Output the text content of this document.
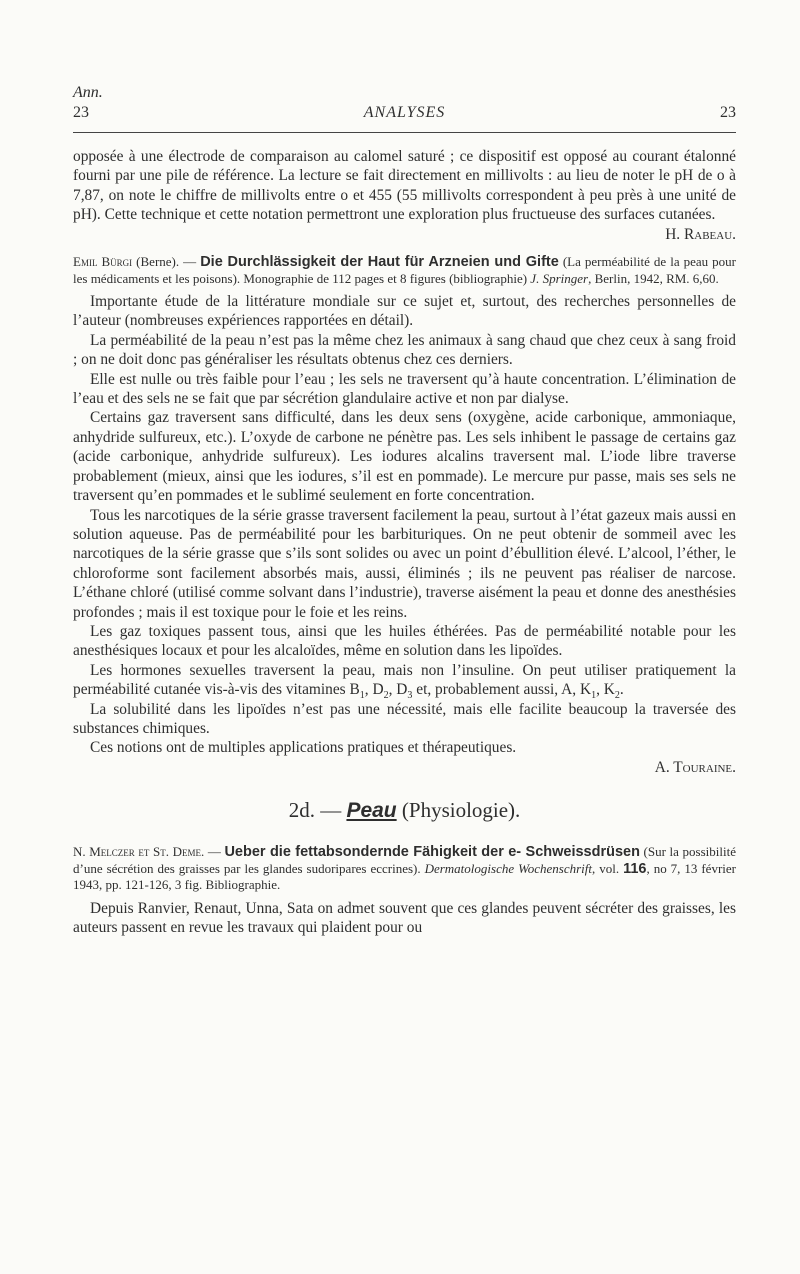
Ann.
23	ANALYSES	23

opposée à une électrode de comparaison au calomel saturé ; ce dispositif est opposé au courant étalonné fourni par une pile de référence. La lecture se fait directement en millivolts : au lieu de noter le pH de o à 7,87, on note le chiffre de millivolts entre o et 455 (55 millivolts correspondent à peu près à une unité de pH). Cette technique et cette notation permettront une exploration plus fructueuse des surfaces cutanées.

H. Rabeau.

Emil Bürgi (Berne). — Die Durchlässigkeit der Haut für Arzneien und Gifte (La perméabilité de la peau pour les médicaments et les poisons). Monographie de 112 pages et 8 figures (bibliographie) J. Springer, Berlin, 1942, RM. 6,60.

Importante étude de la littérature mondiale sur ce sujet et, surtout, des recherches personnelles de l’auteur (nombreuses expériences rapportées en détail).

La perméabilité de la peau n’est pas la même chez les animaux à sang chaud que chez ceux à sang froid ; on ne doit donc pas généraliser les résultats obtenus chez ces derniers.

Elle est nulle ou très faible pour l’eau ; les sels ne traversent qu’à haute concentration. L’élimination de l’eau et des sels ne se fait que par sécrétion glandulaire active et non par dialyse.

Certains gaz traversent sans difficulté, dans les deux sens (oxygène, acide carbonique, ammoniaque, anhydride sulfureux, etc.). L’oxyde de carbone ne pénètre pas. Les sels inhibent le passage de certains gaz (acide carbonique, anhydride sulfureux). Les iodures alcalins traversent mal. L’iode libre traverse probablement (mieux, ainsi que les iodures, s’il est en pommade). Le mercure pur passe, mais ses sels ne traversent qu’en pommades et le sublimé seulement en forte concentration.

Tous les narcotiques de la série grasse traversent facilement la peau, surtout à l’état gazeux mais aussi en solution aqueuse. Pas de perméabilité pour les barbituriques. On ne peut obtenir de sommeil avec les narcotiques de la série grasse que s’ils sont solides ou avec un point d’ébullition élevé. L’alcool, l’éther, le chloroforme sont facilement absorbés mais, aussi, éliminés ; ils ne peuvent pas réaliser de narcose. L’éthane chloré (utilisé comme solvant dans l’industrie), traverse aisément la peau et donne des anesthésies profondes ; mais il est toxique pour le foie et les reins.

Les gaz toxiques passent tous, ainsi que les huiles éthérées. Pas de perméabilité notable pour les anesthésiques locaux et pour les alcaloïdes, même en solution dans les lipoïdes.

Les hormones sexuelles traversent la peau, mais non l’insuline. On peut utiliser pratiquement la perméabilité cutanée vis-à-vis des vitamines $B_1$, $D_2$, $D_3$ et, probablement aussi, A, $K_1$, $K_2$.

La solubilité dans les lipoïdes n’est pas une nécessité, mais elle facilite beaucoup la traversée des substances chimiques.

Ces notions ont de multiples applications pratiques et thérapeutiques.

A. Touraine.

2d. — Peau (Physiologie).
N. Melczer et St. Deme. — Ueber die fettabsondernde Fähigkeit der e- Schweissdrüsen (Sur la possibilité d’une sécrétion des graisses par les glandes sudoripares eccrines). Dermatologische Wochenschrift, vol. 116, no 7, 13 février 1943, pp. 121-126, 3 fig. Bibliographie.

Depuis Ranvier, Renaut, Unna, Sata on admet souvent que ces glandes peuvent sécréter des graisses, les auteurs passent en revue les travaux qui plaident pour ou
